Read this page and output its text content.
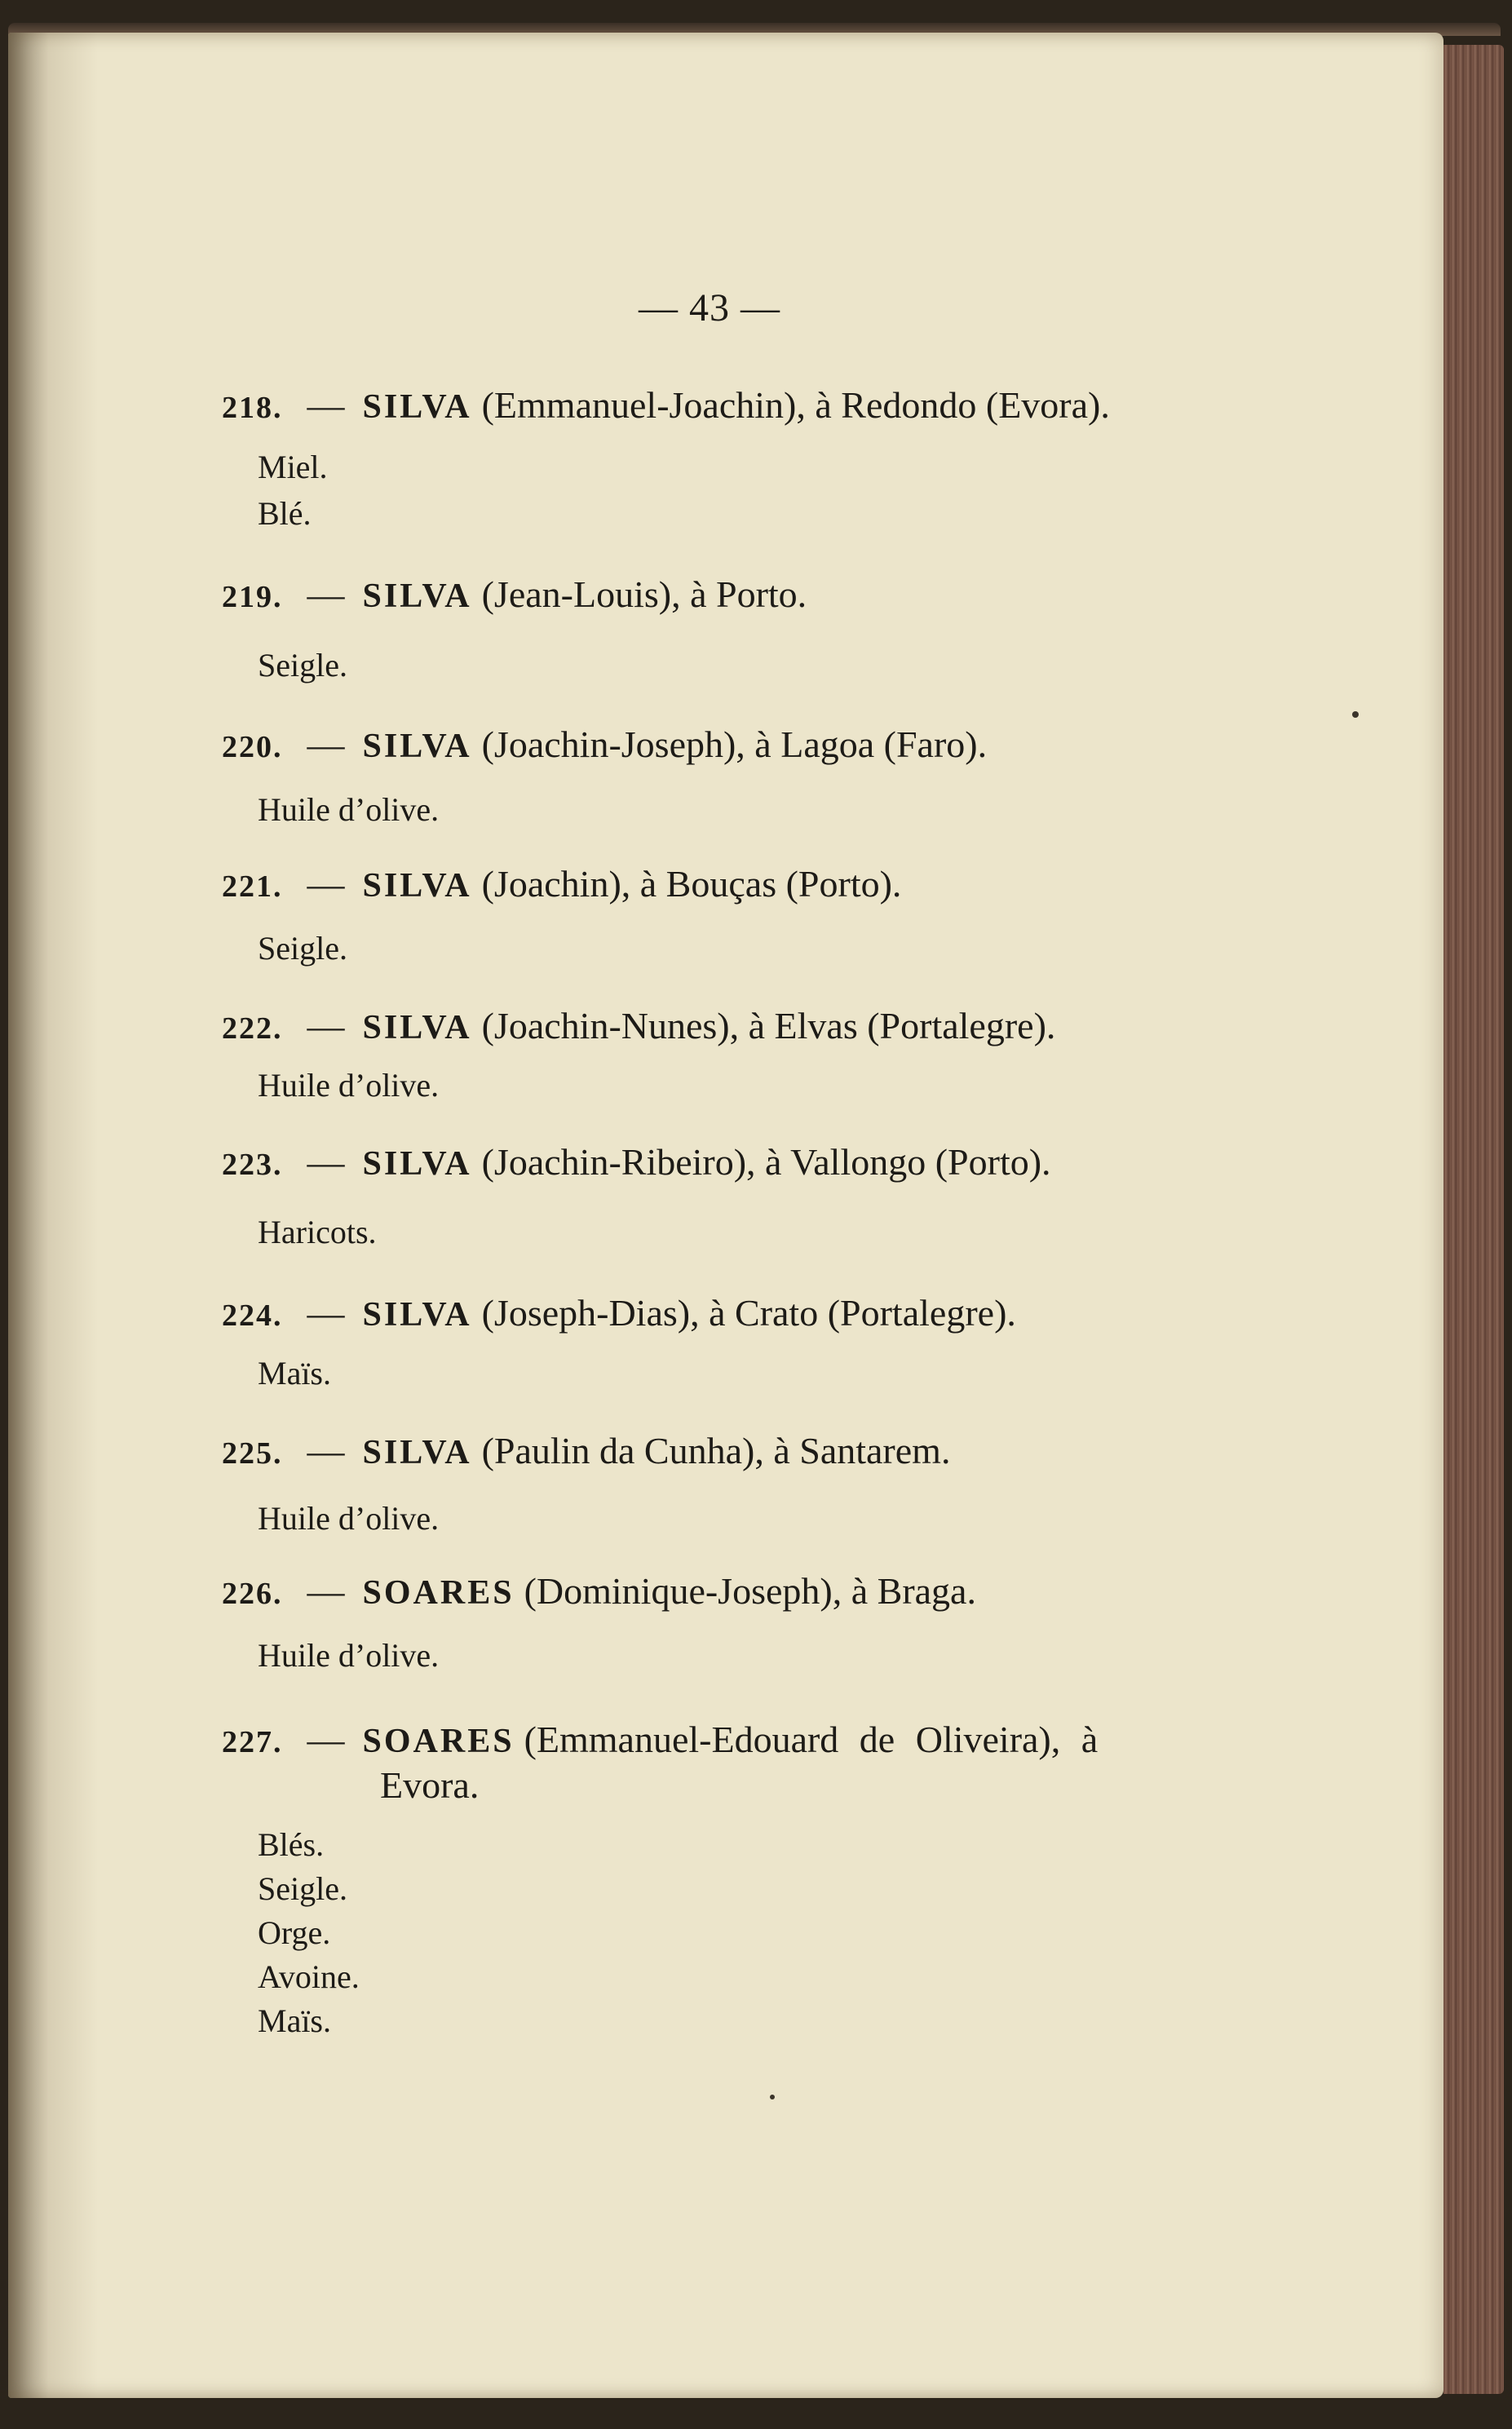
— 43 —
218. — SILVA (Emmanuel-Joachin), à Redondo (Evora).
Miel.
Blé.
219. — SILVA (Jean-Louis), à Porto.
Seigle.
220. — SILVA (Joachin-Joseph), à Lagoa (Faro).
Huile d’olive.
221. — SILVA (Joachin), à Bouças (Porto).
Seigle.
222. — SILVA (Joachin-Nunes), à Elvas (Portalegre).
Huile d’olive.
223. — SILVA (Joachin-Ribeiro), à Vallongo (Porto).
Haricots.
224. — SILVA (Joseph-Dias), à Crato (Portalegre).
Maïs.
225. — SILVA (Paulin da Cunha), à Santarem.
Huile d’olive.
226. — SOARES (Dominique-Joseph), à Braga.
Huile d’olive.
227. — SOARES (Emmanuel-Edouard de Oliveira), à
Evora.
Blés.
Seigle.
Orge.
Avoine.
Maïs.
